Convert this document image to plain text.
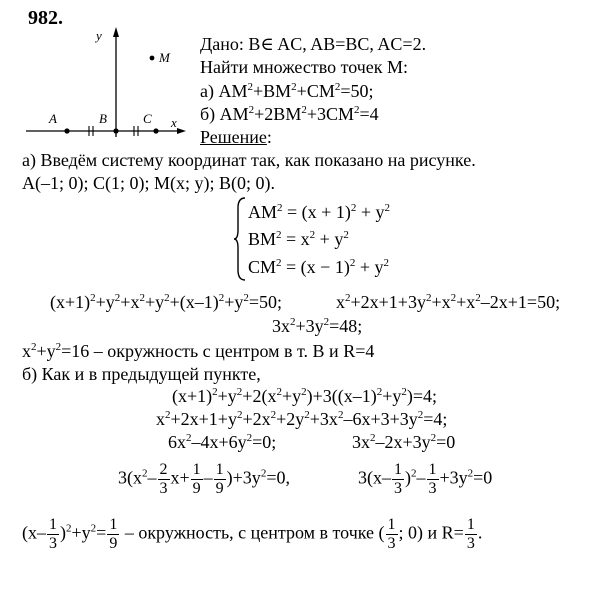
982.
y
x
M
A	B	C
Дано: B∈ AC, AB=BC, AC=2.
Найти множество точек М:
а) $AM^2+BM^2+CM^2=50$;
б) $AM^2+2BM^2+3CM^2=4$
Решение:
а) Введём систему координат так, как показано на рисунке.
A(–1; 0); C(1; 0); M(x; y); B(0; 0).
$AM^2 = (x + 1)^2 + y^2$
$BM^2 = x^2 + y^2$
$CM^2 = (x - 1)^2 + y^2$
$(x+1)^2+y^2+x^2+y^2+(x-1)^2+y^2=50$;	$x^2+2x+1+3y^2+x^2+x^2-2x+1=50$;
$3x^2+3y^2=48$;
$x^2+y^2=16$ – окружность с центром в т. B и R=4
б) Как и в предыдущей пункте,
$(x+1)^2+y^2+2(x^2+y^2)+3((x-1)^2+y^2)=4$;
$x^2+2x+1+y^2+2x^2+2y^2+3x^2-6x+3+3y^2=4$;
$6x^2-4x+6y^2=0$;	$3x^2-2x+3y^2=0$
$3(x^2- \frac{2}{3} x+ \frac{1}{9} - \frac{1}{9} )+3y^2=0$,	$3(x- \frac{1}{3} )^2- \frac{1}{3} +3y^2=0$
$(x- \frac{1}{3} )^2+y^2= \frac{1}{9}$ – окружность, с центром в точке ( $\frac{1}{3}$ ; 0) и $R= \frac{1}{3}$ .
